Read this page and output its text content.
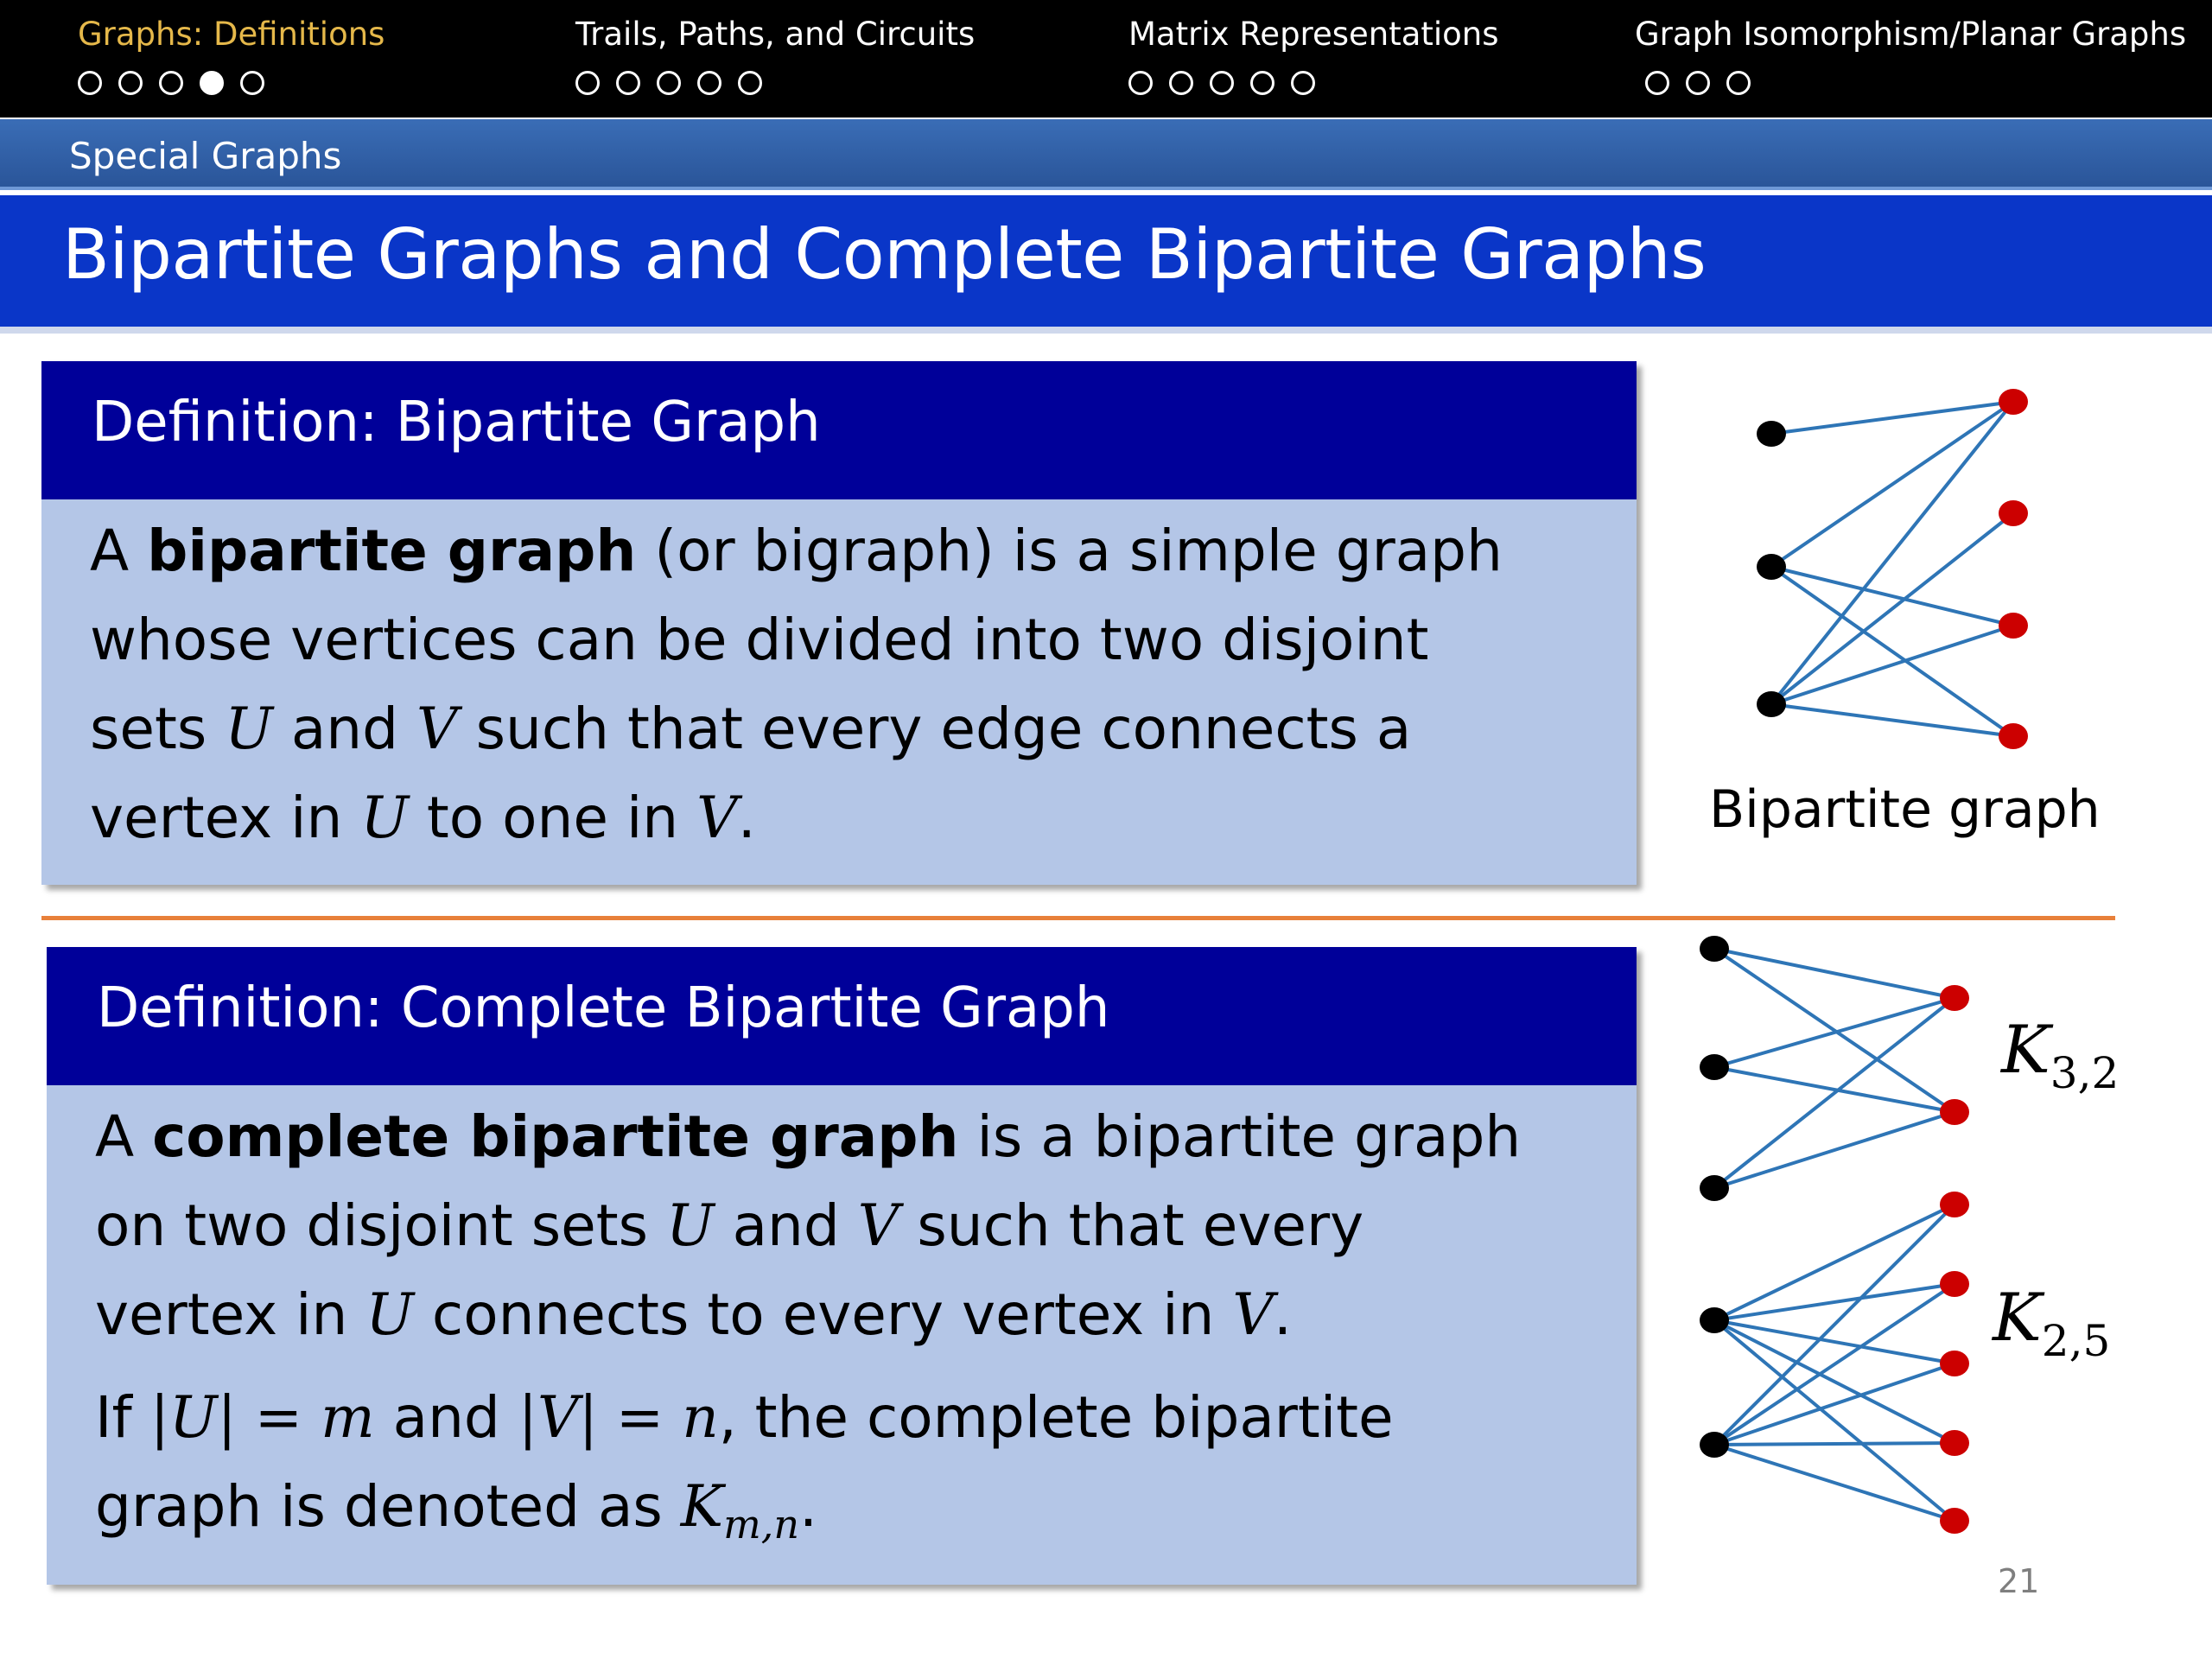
Graphs: Definitions	Trails, Paths, and Circuits	Matrix Representations	Graph Isomorphism/Planar Graphs
Special Graphs
Bipartite Graphs and Complete Bipartite Graphs
Definition: Bipartite Graph

A bipartite graph (or bigraph) is a simple graph

whose vertices can be divided into two disjoint

sets U and V such that every edge connects a

vertex in U to one in V.

Definition: Complete Bipartite Graph

A complete bipartite graph is a bipartite graph

on two disjoint sets U and V such that every

vertex in U connects to every vertex in V.

If |U| = m and |V| = n, the complete bipartite

graph is denoted as $K_{m,n}$.

Bipartite graph
$K_{3,2}$
$K_{2,5}$
21
